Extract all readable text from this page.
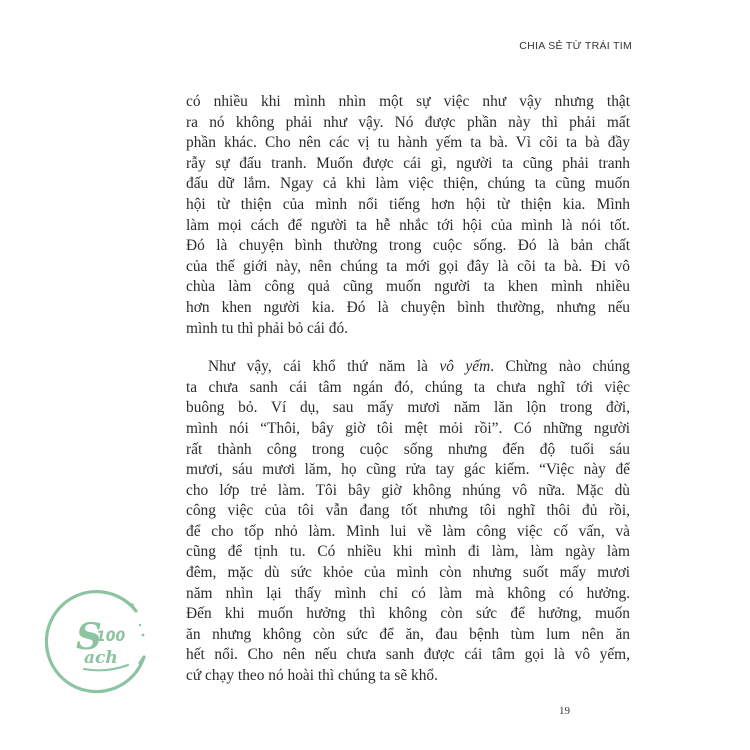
CHIA SẺ TỪ TRÁI TIM
có nhiều khi mình nhìn một sự việc như vậy nhưng thật
ra nó không phải như vậy. Nó được phần này thì phải mất
phần khác. Cho nên các vị tu hành yếm ta bà. Vì cõi ta bà đầy
rẫy sự đấu tranh. Muốn được cái gì, người ta cũng phải tranh
đấu dữ lắm. Ngay cả khi làm việc thiện, chúng ta cũng muốn
hội từ thiện của mình nổi tiếng hơn hội từ thiện kia. Mình
làm mọi cách để người ta hễ nhắc tới hội của mình là nói tốt.
Đó là chuyện bình thường trong cuộc sống. Đó là bản chất
của thế giới này, nên chúng ta mới gọi đây là cõi ta bà. Đi vô
chùa làm công quả cũng muốn người ta khen mình nhiều
hơn khen người kia. Đó là chuyện bình thường, nhưng nếu
mình tu thì phải bỏ cái đó.
Như vậy, cái khổ thứ năm là vô yếm. Chừng nào chúng
ta chưa sanh cái tâm ngán đó, chúng ta chưa nghĩ tới việc
buông bỏ. Ví dụ, sau mấy mươi năm lăn lộn trong đời,
mình nói “Thôi, bây giờ tôi mệt mỏi rồi”. Có những người
rất thành công trong cuộc sống nhưng đến độ tuổi sáu
mươi, sáu mươi lăm, họ cũng rửa tay gác kiếm. “Việc này để
cho lớp trẻ làm. Tôi bây giờ không nhúng vô nữa. Mặc dù
công việc của tôi vẫn đang tốt nhưng tôi nghĩ thôi đủ rồi,
để cho tốp nhỏ làm. Mình lui về làm công việc cố vấn, và
cũng để tịnh tu. Có nhiều khi mình đi làm, làm ngày làm
đêm, mặc dù sức khỏe của mình còn nhưng suốt mấy mươi
năm nhìn lại thấy mình chỉ có làm mà không có hưởng.
Đến khi muốn hưởng thì không còn sức để hưởng, muốn
ăn nhưng không còn sức để ăn, đau bệnh tùm lum nên ăn
hết nổi. Cho nên nếu chưa sanh được cái tâm gọi là vô yếm,
cứ chạy theo nó hoài thì chúng ta sẽ khổ.
19
S
100
ach
